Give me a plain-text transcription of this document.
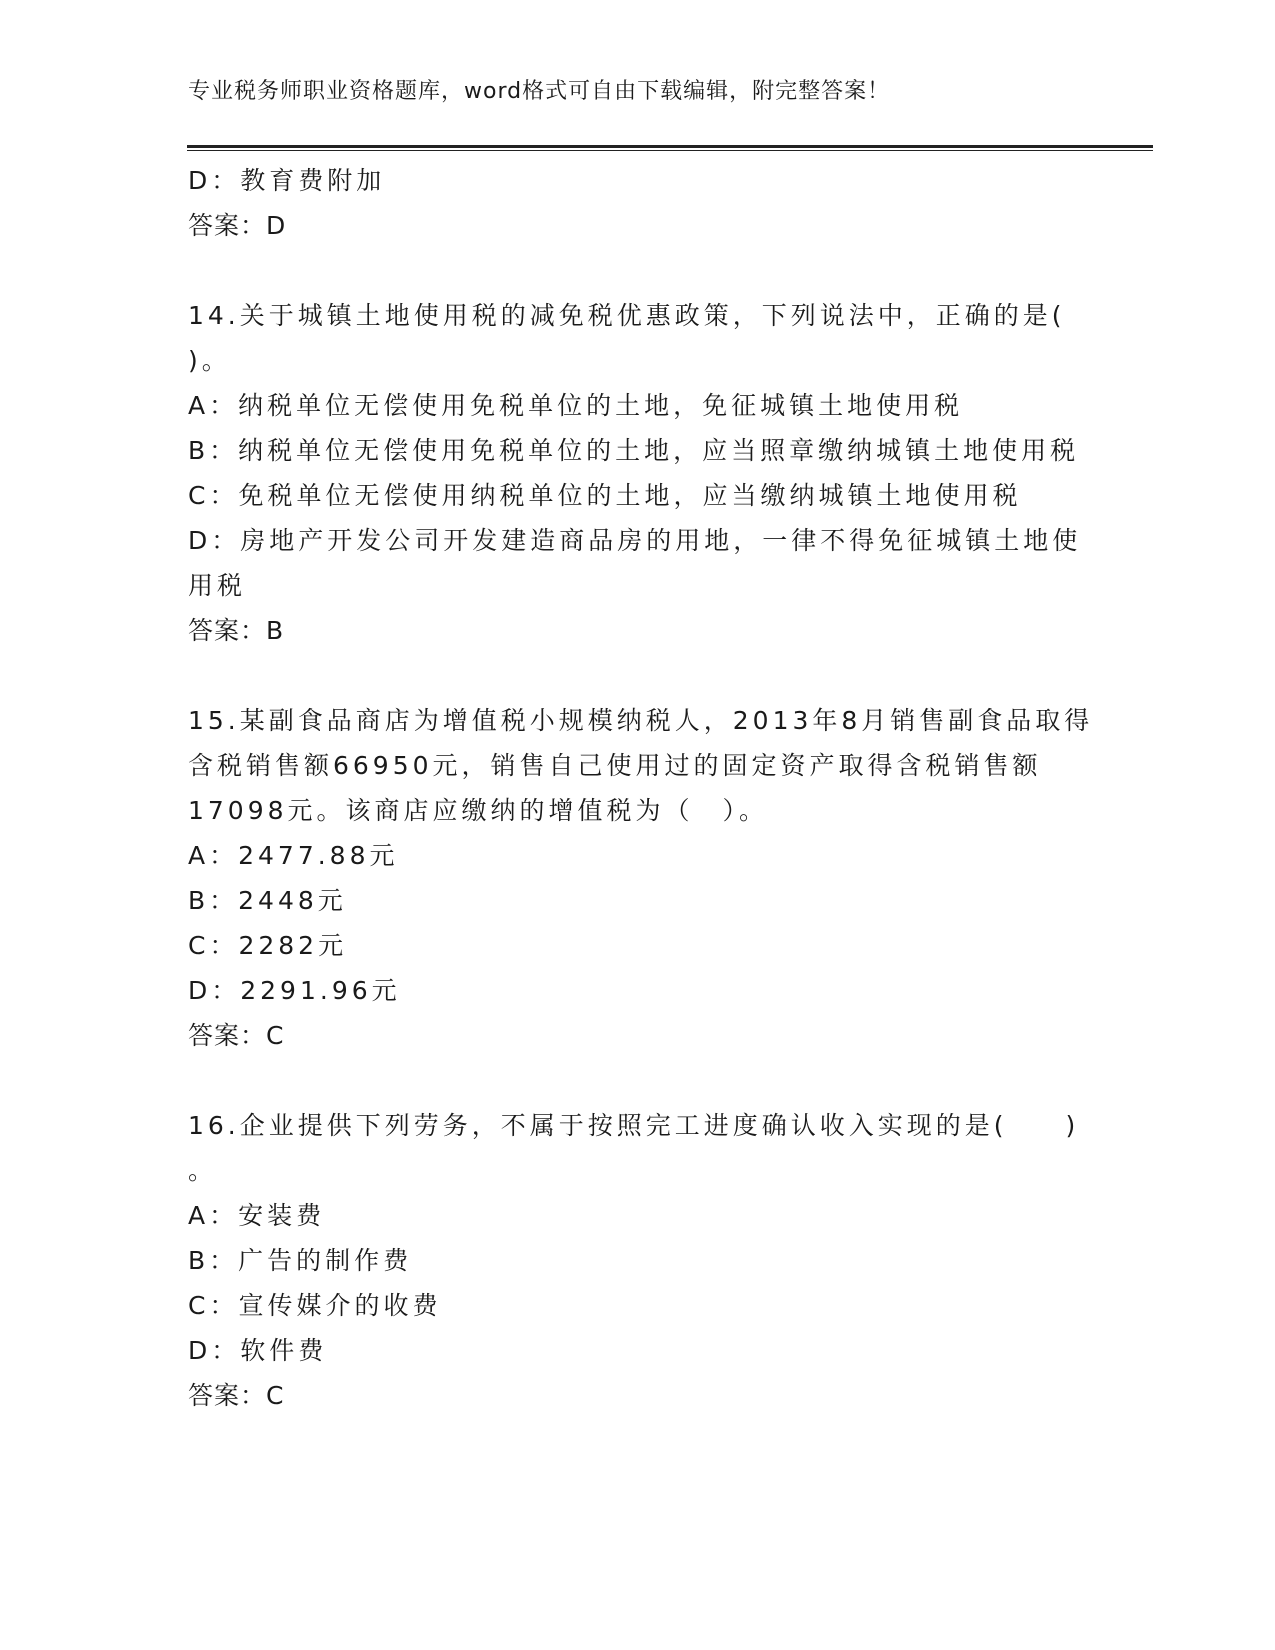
专业税务师职业资格题库，word格式可自由下载编辑，附完整答案！
D：教育费附加
答案：D
14.关于城镇土地使用税的减免税优惠政策，下列说法中，正确的是(
)。
A：纳税单位无偿使用免税单位的土地，免征城镇土地使用税
B：纳税单位无偿使用免税单位的土地，应当照章缴纳城镇土地使用税
C：免税单位无偿使用纳税单位的土地，应当缴纳城镇土地使用税
D：房地产开发公司开发建造商品房的用地，一律不得免征城镇土地使
用税
答案：B
15.某副食品商店为增值税小规模纳税人，2013年8月销售副食品取得
含税销售额66950元，销售自己使用过的固定资产取得含税销售额
17098元。该商店应缴纳的增值税为（　）。
A：2477.88元
B：2448元
C：2282元
D：2291.96元
答案：C
16.企业提供下列劳务，不属于按照完工进度确认收入实现的是(　　)
。
A：安装费
B：广告的制作费
C：宣传媒介的收费
D：软件费
答案：C
